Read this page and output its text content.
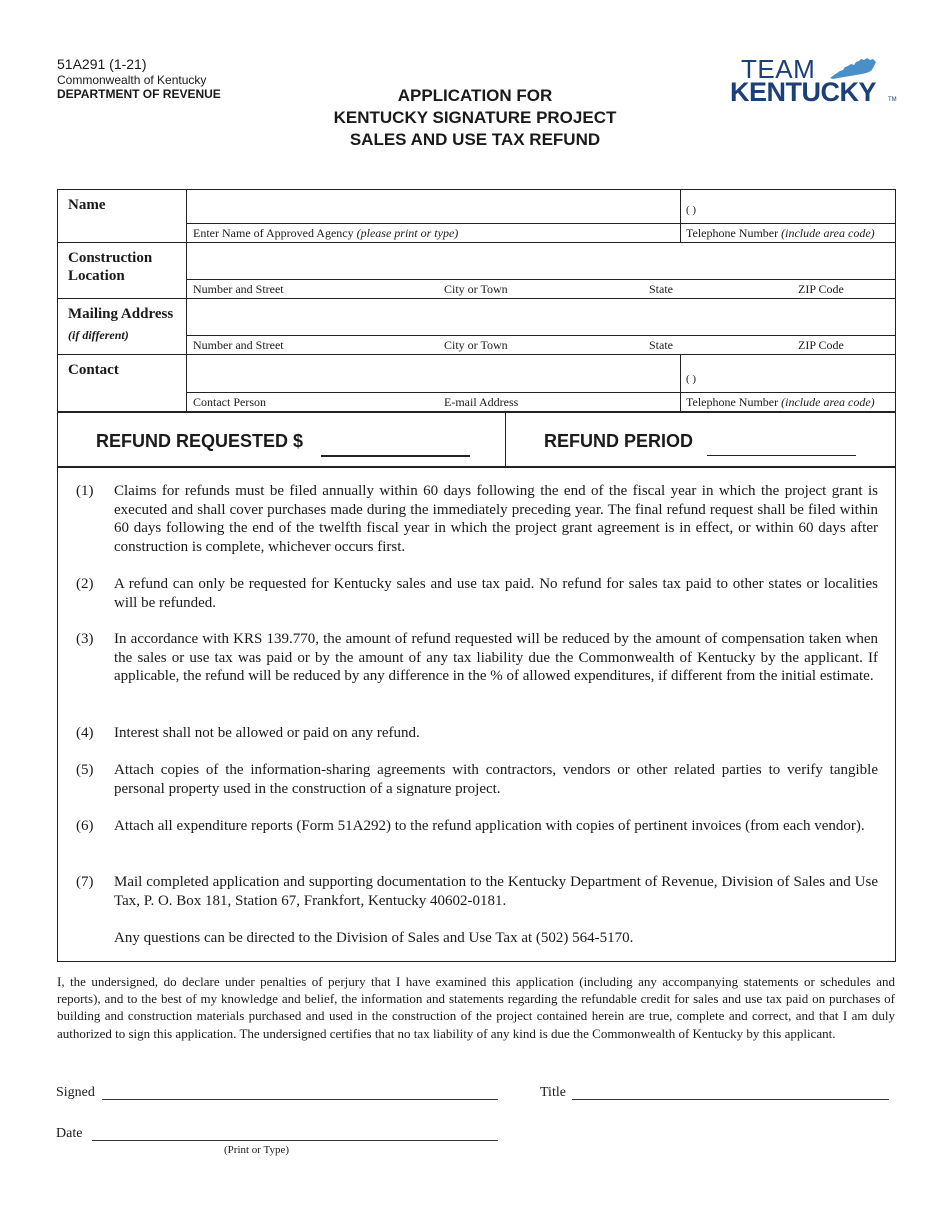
51A291 (1-21)
Commonwealth of Kentucky
DEPARTMENT OF REVENUE	APPLICATION FOR
KENTUCKY SIGNATURE PROJECT
SALES AND USE TAX REFUND
TEAM
KENTUCKY TM
Name	( )
Enter Name of Approved Agency (please print or type)	Telephone Number (include area code)
Construction
Location
Number and Street	City or Town	State	ZIP Code
Mailing Address
(if different)
Number and Street	City or Town	State	ZIP Code
Contact
( )
Contact Person	E-mail Address	Telephone Number (include area code)
REFUND REQUESTED $	REFUND PERIOD
(1) Claims for refunds must be filed annually within 60 days following the end of the fiscal year in which the project grant is executed and shall cover purchases made during the immediately preceding year. The final refund request shall be filed within 60 days following the end of the twelfth fiscal year in which the project grant agreement is in effect, or within 60 days after construction is complete, whichever occurs first.
(2) A refund can only be requested for Kentucky sales and use tax paid. No refund for sales tax paid to other states or localities will be refunded.
(3) In accordance with KRS 139.770, the amount of refund requested will be reduced by the amount of compensation taken when the sales or use tax was paid or by the amount of any tax liability due the Commonwealth of Kentucky by the applicant. If applicable, the refund will be reduced by any difference in the % of allowed expenditures, if different from the initial estimate.
(4) Interest shall not be allowed or paid on any refund.
(5) Attach copies of the information-sharing agreements with contractors, vendors or other related parties to verify tangible personal property used in the construction of a signature project.
(6) Attach all expenditure reports (Form 51A292) to the refund application with copies of pertinent invoices (from each vendor).
(7) Mail completed application and supporting documentation to the Kentucky Department of Revenue, Division of Sales and Use Tax, P. O. Box 181, Station 67, Frankfort, Kentucky 40602-0181.
Any questions can be directed to the Division of Sales and Use Tax at (502) 564-5170.
I, the undersigned, do declare under penalties of perjury that I have examined this application (including any accompanying statements or schedules and reports), and to the best of my knowledge and belief, the information and statements regarding the refundable credit for sales and use tax paid on purchases of building and construction materials purchased and used in the construction of the project contained herein are true, complete and correct, and that I am duly authorized to sign this application. The undersigned certifies that no tax liability of any kind is due the Commonwealth of Kentucky by this applicant.
Signed	Title
Date
(Print or Type)
